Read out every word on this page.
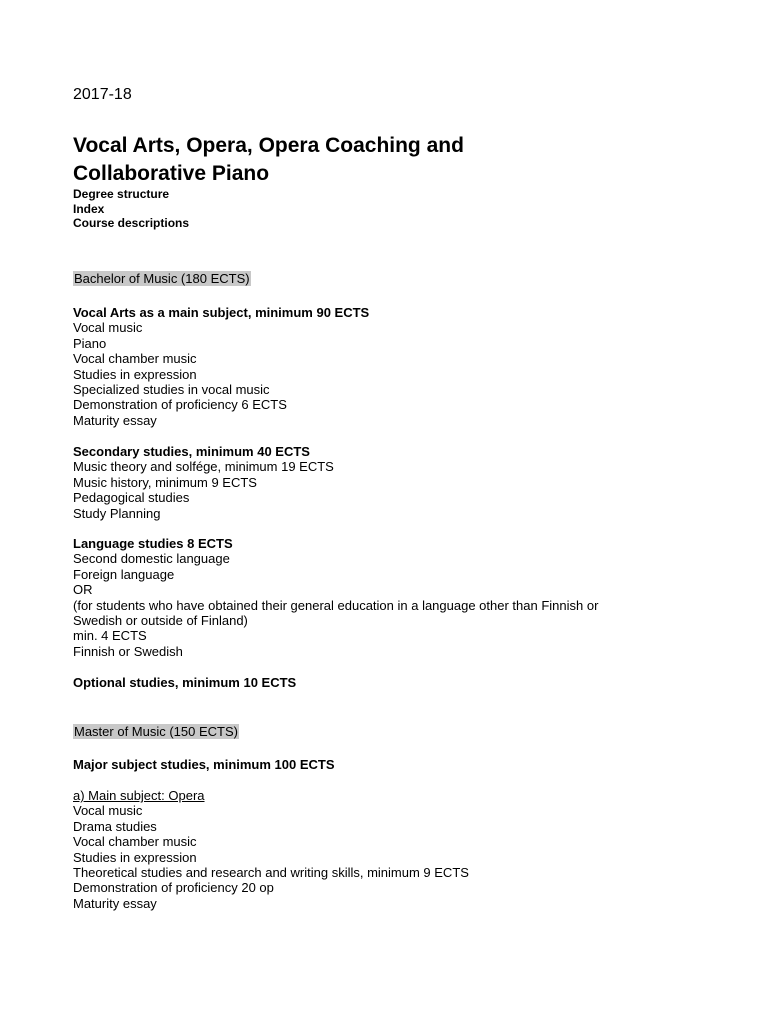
2017-18
Vocal Arts, Opera, Opera Coaching and
Collaborative Piano
Degree structure
Index
Course descriptions
Bachelor of Music (180 ECTS)
Vocal Arts as a main subject, minimum 90 ECTS
Vocal music
Piano
Vocal chamber music
Studies in expression
Specialized studies in vocal music
Demonstration of proficiency 6 ECTS
Maturity essay
Secondary studies, minimum 40 ECTS
Music theory and solfége, minimum 19 ECTS
Music history, minimum 9 ECTS
Pedagogical studies
Study Planning
Language studies 8 ECTS
Second domestic language
Foreign language
OR
(for students who have obtained their general education in a language other than Finnish or
Swedish or outside of Finland)
min. 4 ECTS
Finnish or Swedish
Optional studies, minimum 10 ECTS
Master of Music (150 ECTS)
Major subject studies, minimum 100 ECTS
a) Main subject: Opera
Vocal music
Drama studies
Vocal chamber music
Studies in expression
Theoretical studies and research and writing skills, minimum 9 ECTS
Demonstration of proficiency 20 op
Maturity essay
